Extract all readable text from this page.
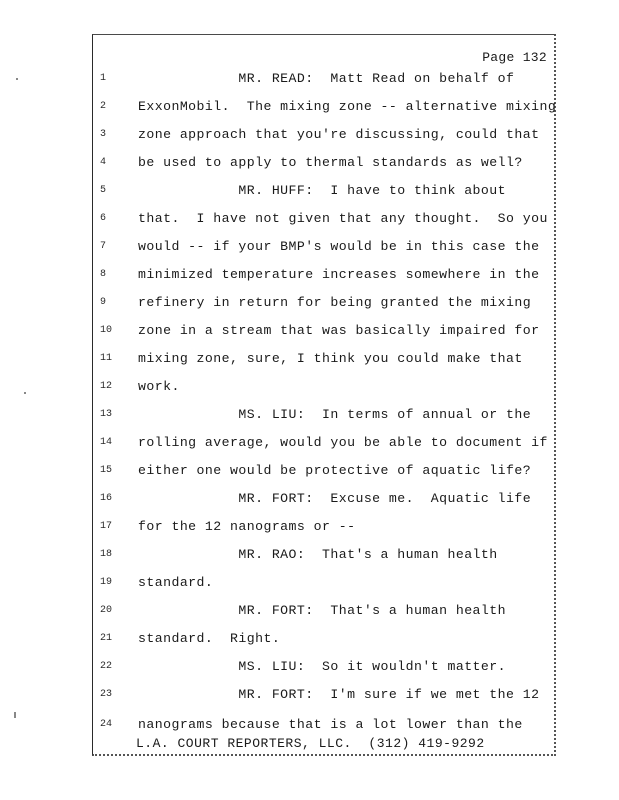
Page 132
1	MR. READ:  Matt Read on behalf of
2	ExxonMobil.  The mixing zone -- alternative mixing
3	zone approach that you're discussing, could that
4	be used to apply to thermal standards as well?
5	MR. HUFF:  I have to think about
6	that.  I have not given that any thought.  So you
7	would -- if your BMP's would be in this case the
8	minimized temperature increases somewhere in the
9	refinery in return for being granted the mixing
10	zone in a stream that was basically impaired for
11	mixing zone, sure, I think you could make that
12	work.
13	MS. LIU:  In terms of annual or the
14	rolling average, would you be able to document if
15	either one would be protective of aquatic life?
16	MR. FORT:  Excuse me.  Aquatic life
17	for the 12 nanograms or --
18	MR. RAO:  That's a human health
19	standard.
20	MR. FORT:  That's a human health
21	standard.  Right.
22	MS. LIU:  So it wouldn't matter.
23	MR. FORT:  I'm sure if we met the 12
24	nanograms because that is a lot lower than the
L.A. COURT REPORTERS, LLC.  (312) 419-9292
